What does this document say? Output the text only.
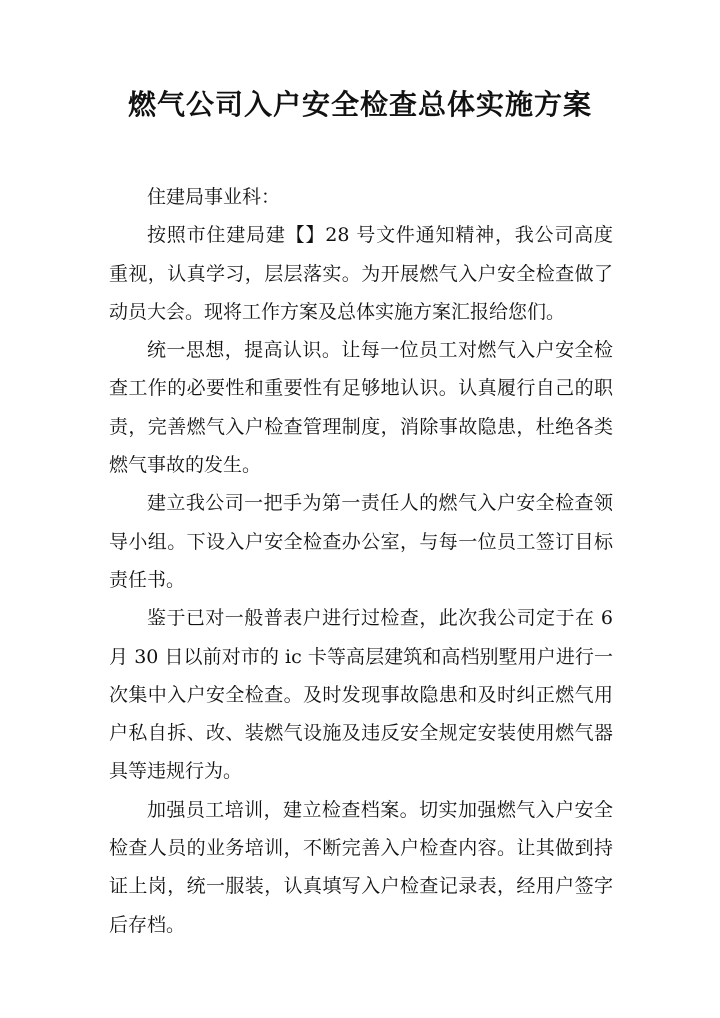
燃气公司入户安全检查总体实施方案

住建局事业科：

按照市住建局建【】28 号文件通知精神，我公司高度重视，认真学习，层层落实。为开展燃气入户安全检查做了动员大会。现将工作方案及总体实施方案汇报给您们。

统一思想，提高认识。让每一位员工对燃气入户安全检查工作的必要性和重要性有足够地认识。认真履行自己的职责，完善燃气入户检查管理制度，消除事故隐患，杜绝各类燃气事故的发生。

建立我公司一把手为第一责任人的燃气入户安全检查领导小组。下设入户安全检查办公室，与每一位员工签订目标责任书。

鉴于已对一般普表户进行过检查，此次我公司定于在 6 月 30 日以前对市的 ic 卡等高层建筑和高档别墅用户进行一次集中入户安全检查。及时发现事故隐患和及时纠正燃气用户私自拆、改、装燃气设施及违反安全规定安装使用燃气器具等违规行为。

加强员工培训，建立检查档案。切实加强燃气入户安全检查人员的业务培训，不断完善入户检查内容。让其做到持证上岗，统一服装，认真填写入户检查记录表，经用户签字后存档。
